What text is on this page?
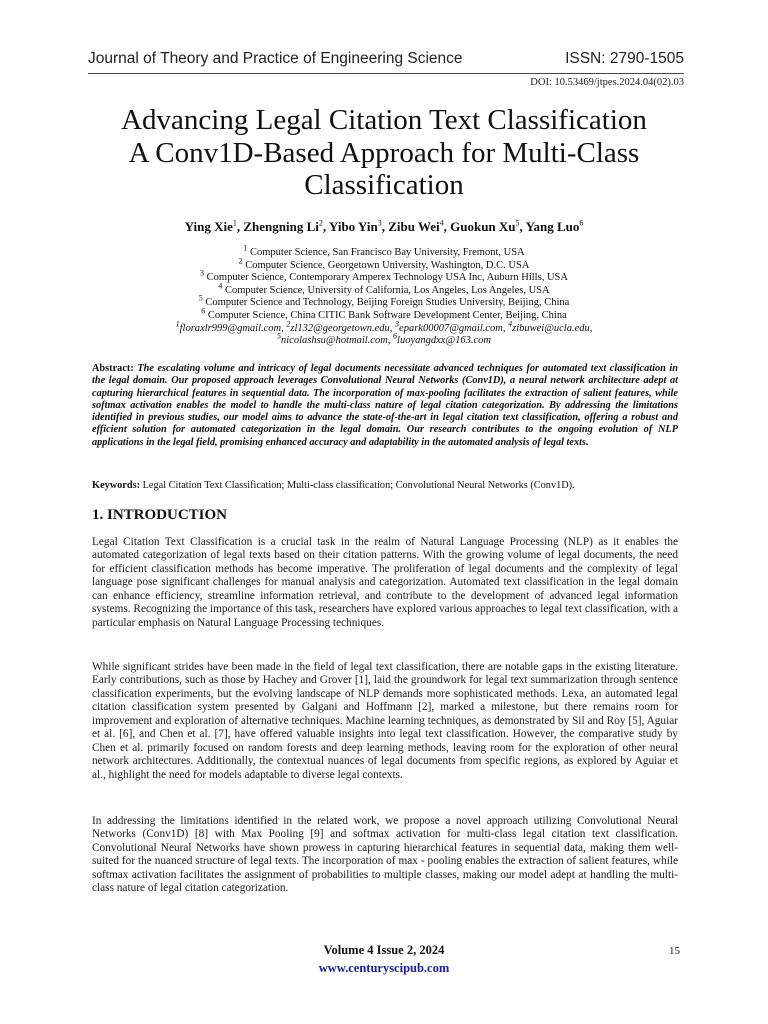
Journal of Theory and Practice of Engineering Science	ISSN: 2790-1505
DOI: 10.53469/jtpes.2024.04(02).03
Advancing Legal Citation Text Classification
A Conv1D-Based Approach for Multi-Class
Classification
Ying Xie$^1$, Zhengning Li$^2$, Yibo Yin$^3$, Zibu Wei$^4$, Guokun Xu$^5$, Yang Luo$^6$
$^1$ Computer Science, San Francisco Bay University, Fremont, USA
$^2$ Computer Science, Georgetown University, Washington, D.C. USA
$^3$ Computer Science, Contemporary Amperex Technology USA Inc, Auburn Hills, USA
$^4$ Computer Science, University of California, Los Angeles, Los Angeles, USA
$^5$ Computer Science and Technology, Beijing Foreign Studies University, Beijing, China
$^6$ Computer Science, China CITIC Bank Software Development Center, Beijing, China
$^1$floraxlr999@gmail.com, $^2$zl132@georgetown.edu, $^3$epark00007@gmail.com, $^4$zibuwei@ucla.edu,
$^5$nicolashsu@hotmail.com, $^6$luoyangdxx@163.com
Abstract: The escalating volume and intricacy of legal documents necessitate advanced techniques for automated text classification in the legal domain. Our proposed approach leverages Convolutional Neural Networks (Conv1D), a neural network architecture adept at capturing hierarchical features in sequential data. The incorporation of max-pooling facilitates the extraction of salient features, while softmax activation enables the model to handle the multi-class nature of legal citation categorization. By addressing the limitations identified in previous studies, our model aims to advance the state-of-the-art in legal citation text classification, offering a robust and efficient solution for automated categorization in the legal domain. Our research contributes to the ongoing evolution of NLP applications in the legal field, promising enhanced accuracy and adaptability in the automated analysis of legal texts.
Keywords: Legal Citation Text Classification; Multi-class classification; Convolutional Neural Networks (Conv1D).
1. INTRODUCTION
Legal Citation Text Classification is a crucial task in the realm of Natural Language Processing (NLP) as it enables the automated categorization of legal texts based on their citation patterns. With the growing volume of legal documents, the need for efficient classification methods has become imperative. The proliferation of legal documents and the complexity of legal language pose significant challenges for manual analysis and categorization. Automated text classification in the legal domain can enhance efficiency, streamline information retrieval, and contribute to the development of advanced legal information systems. Recognizing the importance of this task, researchers have explored various approaches to legal text classification, with a particular emphasis on Natural Language Processing techniques.
While significant strides have been made in the field of legal text classification, there are notable gaps in the existing literature. Early contributions, such as those by Hachey and Grover [1], laid the groundwork for legal text summarization through sentence classification experiments, but the evolving landscape of NLP demands more sophisticated methods. Lexa, an automated legal citation classification system presented by Galgani and Hoffmann [2], marked a milestone, but there remains room for improvement and exploration of alternative techniques. Machine learning techniques, as demonstrated by Sil and Roy [5], Aguiar et al. [6], and Chen et al. [7], have offered valuable insights into legal text classification. However, the comparative study by Chen et al. primarily focused on random forests and deep learning methods, leaving room for the exploration of other neural network architectures. Additionally, the contextual nuances of legal documents from specific regions, as explored by Aguiar et al., highlight the need for models adaptable to diverse legal contexts.
In addressing the limitations identified in the related work, we propose a novel approach utilizing Convolutional Neural Networks (Conv1D) [8] with Max Pooling [9] and softmax activation for multi-class legal citation text classification. Convolutional Neural Networks have shown prowess in capturing hierarchical features in sequential data, making them well-suited for the nuanced structure of legal texts. The incorporation of max - pooling enables the extraction of salient features, while softmax activation facilitates the assignment of probabilities to multiple classes, making our model adept at handling the multi-class nature of legal citation categorization.
Volume 4 Issue 2, 2024
www.centuryscipub.com
15
